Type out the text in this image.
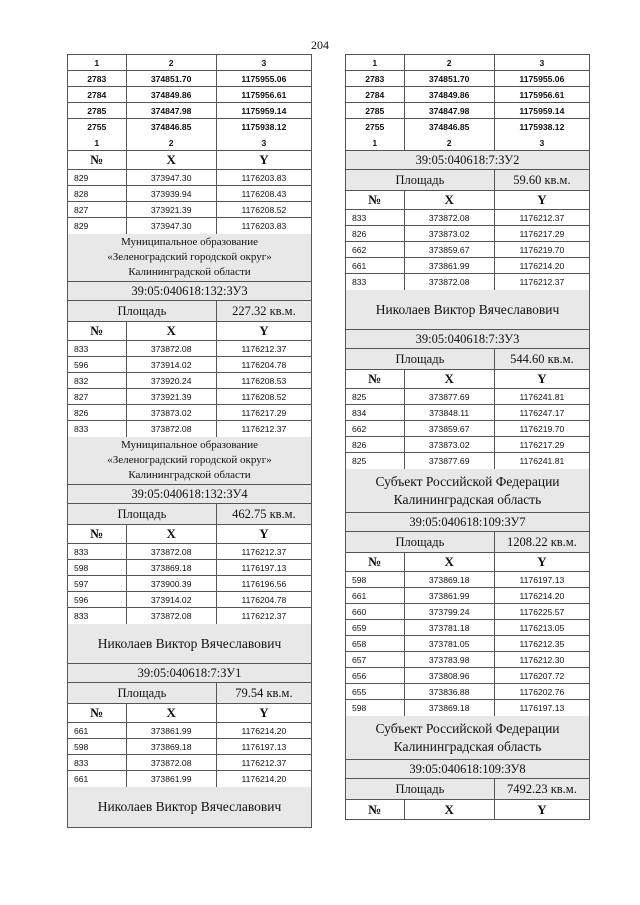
204
1	2	3
2783	374851.70	1175955.06
2784	374849.86	1175956.61
2785	374847.98	1175959.14
2755	374846.85	1175938.12
1	2	3
№	X	Y
829	373947.30	1176203.83
828	373939.94	1176208.43
827	373921.39	1176208.52
829	373947.30	1176203.83
Муниципальное образование
«Зеленоградский городской округ»
Калининградской области
39:05:040618:132:ЗУ3
Площадь	227.32 кв.м.
№	X	Y
833	373872.08	1176212.37
596	373914.02	1176204.78
832	373920.24	1176208.53
827	373921.39	1176208.52
826	373873.02	1176217.29
833	373872.08	1176212.37
Муниципальное образование
«Зеленоградский городской округ»
Калининградской области
39:05:040618:132:ЗУ4
Площадь	462.75 кв.м.
№	X	Y
833	373872.08	1176212.37
598	373869.18	1176197.13
597	373900.39	1176196.56
596	373914.02	1176204.78
833	373872.08	1176212.37
Николаев Виктор Вячеславович
39:05:040618:7:ЗУ1
Площадь	79.54 кв.м.
№	X	Y
661	373861.99	1176214.20
598	373869.18	1176197.13
833	373872.08	1176212.37
661	373861.99	1176214.20
Николаев Виктор Вячеславович
1	2	3
2783	374851.70	1175955.06
2784	374849.86	1175956.61
2785	374847.98	1175959.14
2755	374846.85	1175938.12
1	2	3
39:05:040618:7:ЗУ2
Площадь	59.60 кв.м.
№	X	Y
833	373872.08	1176212.37
826	373873.02	1176217.29
662	373859.67	1176219.70
661	373861.99	1176214.20
833	373872.08	1176212.37
Николаев Виктор Вячеславович
39:05:040618:7:ЗУ3
Площадь	544.60 кв.м.
№	X	Y
825	373877.69	1176241.81
834	373848.11	1176247.17
662	373859.67	1176219.70
826	373873.02	1176217.29
825	373877.69	1176241.81
Субъект Российской Федерации
Калининградская область
39:05:040618:109:ЗУ7
Площадь	1208.22 кв.м.
№	X	Y
598	373869.18	1176197.13
661	373861.99	1176214.20
660	373799.24	1176225.57
659	373781.18	1176213.05
658	373781.05	1176212.35
657	373783.98	1176212.30
656	373808.96	1176207.72
655	373836.88	1176202.76
598	373869.18	1176197.13
Субъект Российской Федерации
Калининградская область
39:05:040618:109:ЗУ8
Площадь	7492.23 кв.м.
№	X	Y
